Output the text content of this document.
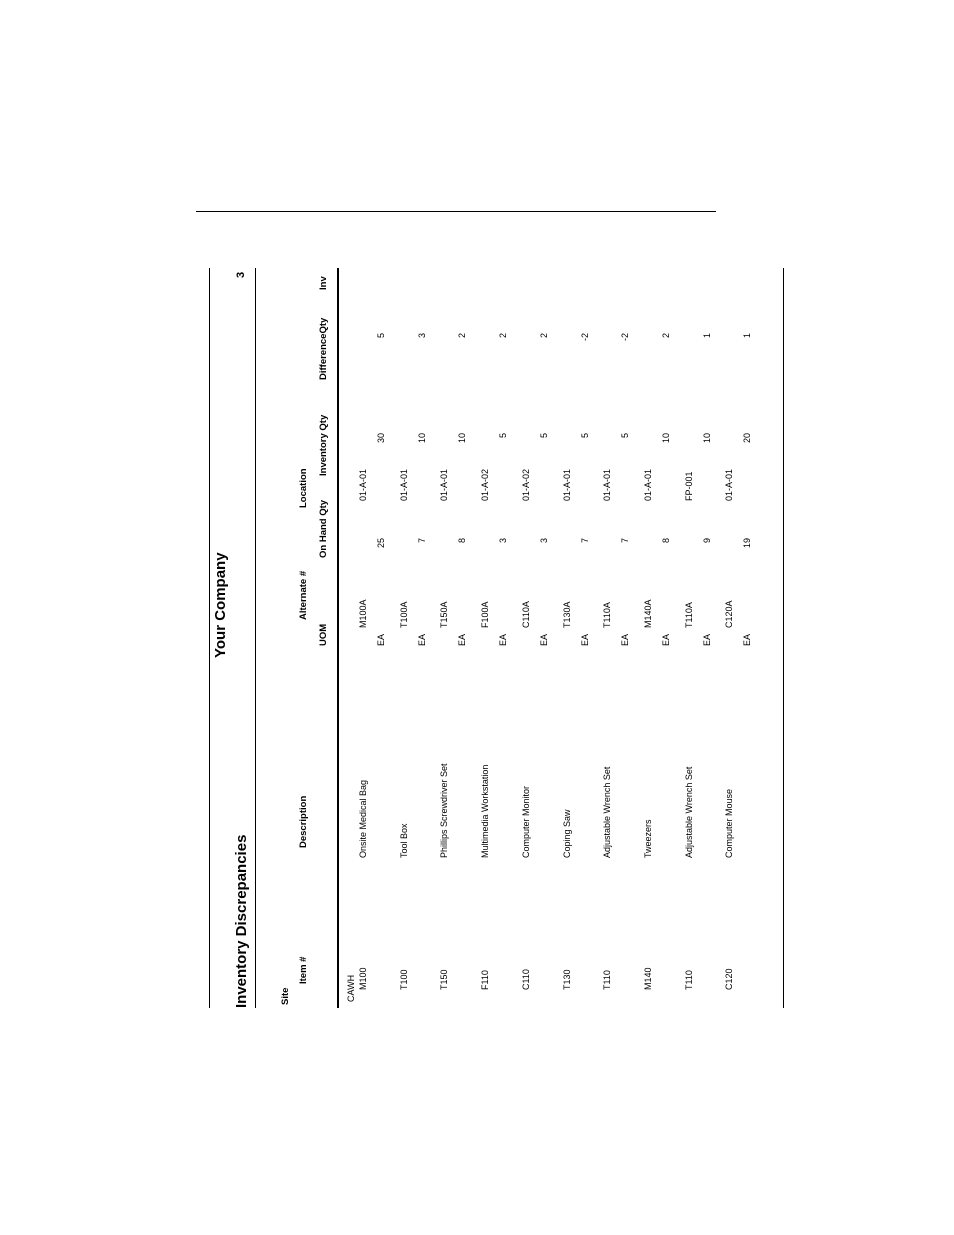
Inventory Discrepancies
Your Company
3
Site
Item #
Description
Alternate #
UOM
On Hand Qty
Location
Inventory Qty
DifferenceQty
Inv
CAWH M100
Onsite Medical Bag
M100A
EA
25
01-A-01
30
5
T100
Tool Box
T100A
EA
7
01-A-01
10
3
T150
Phillips Screwdriver Set
T150A
EA
8
01-A-01
10
2
F110
Multimedia Workstation
F100A
EA
3
01-A-02
5
2
C110
Computer Monitor
C110A
EA
3
01-A-02
5
2
T130
Coping Saw
T130A
EA
7
01-A-01
5
-2
T110
Adjustable Wrench Set
T110A
EA
7
01-A-01
5
-2
M140
Tweezers
M140A
EA
8
01-A-01
10
2
T110
Adjustable Wrench Set
T110A
EA
9
FP-001
10
1
C120
Computer Mouse
C120A
EA
19
01-A-01
20
1
